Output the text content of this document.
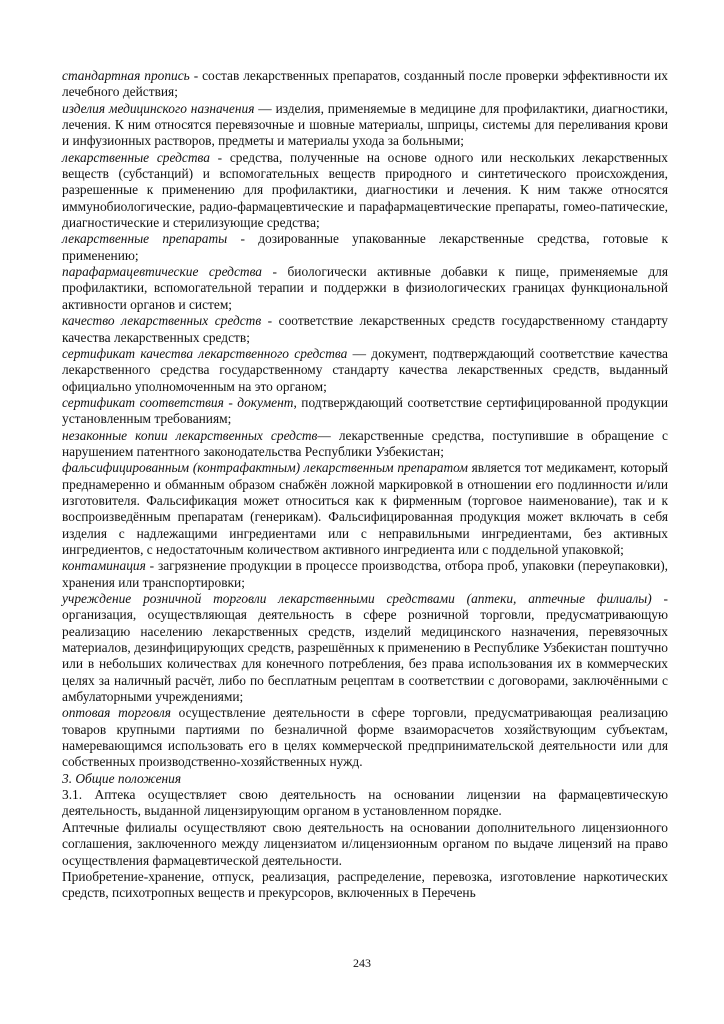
стандартная пропись - состав лекарственных препаратов, созданный после проверки эффективности их лечебного действия;

изделия медицинского назначения — изделия, применяемые в медицине для профилактики, диагностики, лечения. К ним относятся перевязочные и шовные материалы, шприцы, системы для переливания крови и инфузионных растворов, предметы и материалы ухода за больными;

лекарственные средства - средства, полученные на основе одного или нескольких лекарственных веществ (субстанций) и вспомогательных веществ природного и синтетического происхождения, разрешенные к применению для профилактики, диагностики и лечения. К ним также относятся иммунобиологические, радио-фармацевтические и парафармацевтические препараты, гомео-патические, диагностические и стерилизующие средства;

лекарственные препараты - дозированные упакованные лекарственные средства, готовые к применению;

парафармацевтические средства - биологически активные добавки к пище, применяемые для профилактики, вспомогательной терапии и поддержки в физиологических границах функциональной активности органов и систем;

качество лекарственных средств - соответствие лекарственных средств государственному стандарту качества лекарственных средств;

сертификат качества лекарственного средства — документ, подтверждающий соответствие качества лекарственного средства государственному стандарту качества лекарственных средств, выданный официально уполномоченным на это органом;

сертификат соответствия - документ, подтверждающий соответствие сертифицированной продукции установленным требованиям;

незаконные копии лекарственных средств— лекарственные средства, поступившие в обращение с нарушением патентного законодательства Республики Узбекистан;

фальсифицированным (контрафактным) лекарственным препаратом является тот медикамент, который преднамеренно и обманным образом снабжён ложной маркировкой в отношении его подлинности и/или изготовителя. Фальсификация может относиться как к фирменным (торговое наименование), так и к воспроизведённым препаратам (генерикам). Фальсифицированная продукция может включать в себя изделия с надлежащими ингредиентами или с неправильными ингредиентами, без активных ингредиентов, с недостаточным количеством активного ингредиента или с поддельной упаковкой;

контаминация - загрязнение продукции в процессе производства, отбора проб, упаковки (переупаковки), хранения или транспортировки;

учреждение розничной торговли лекарственными средствами (аптеки, аптечные филиалы) - организация, осуществляющая деятельность в сфере розничной торговли, предусматривающую реализацию населению лекарственных средств, изделий медицинского назначения, перевязочных материалов, дезинфицирующих средств, разрешённых к применению в Республике Узбекистан поштучно или в небольших количествах для конечного потребления, без права использования их в коммерческих целях за наличный расчёт, либо по бесплатным рецептам в соответствии с договорами, заключёнными с амбулаторными учреждениями;

оптовая торговля осуществление деятельности в сфере торговли, предусматривающая реализацию товаров крупными партиями по безналичной форме взаиморасчетов хозяйствующим субъектам, намеревающимся использовать его в целях коммерческой предпринимательской деятельности или для собственных производственно-хозяйственных нужд.

3. Общие положения

3.1. Аптека осуществляет свою деятельность на основании лицензии на фармацевтическую деятельность, выданной лицензирующим органом в установленном порядке.

Аптечные филиалы осуществляют свою деятельность на основании дополнительного лицензионного соглашения, заключенного между лицензиатом и/лицензионным органом по выдаче лицензий на право осуществления фармацевтической деятельности.

Приобретение-хранение, отпуск, реализация, распределение, перевозка, изготовление наркотических средств, психотропных веществ и прекурсоров, включенных в Перечень

243
